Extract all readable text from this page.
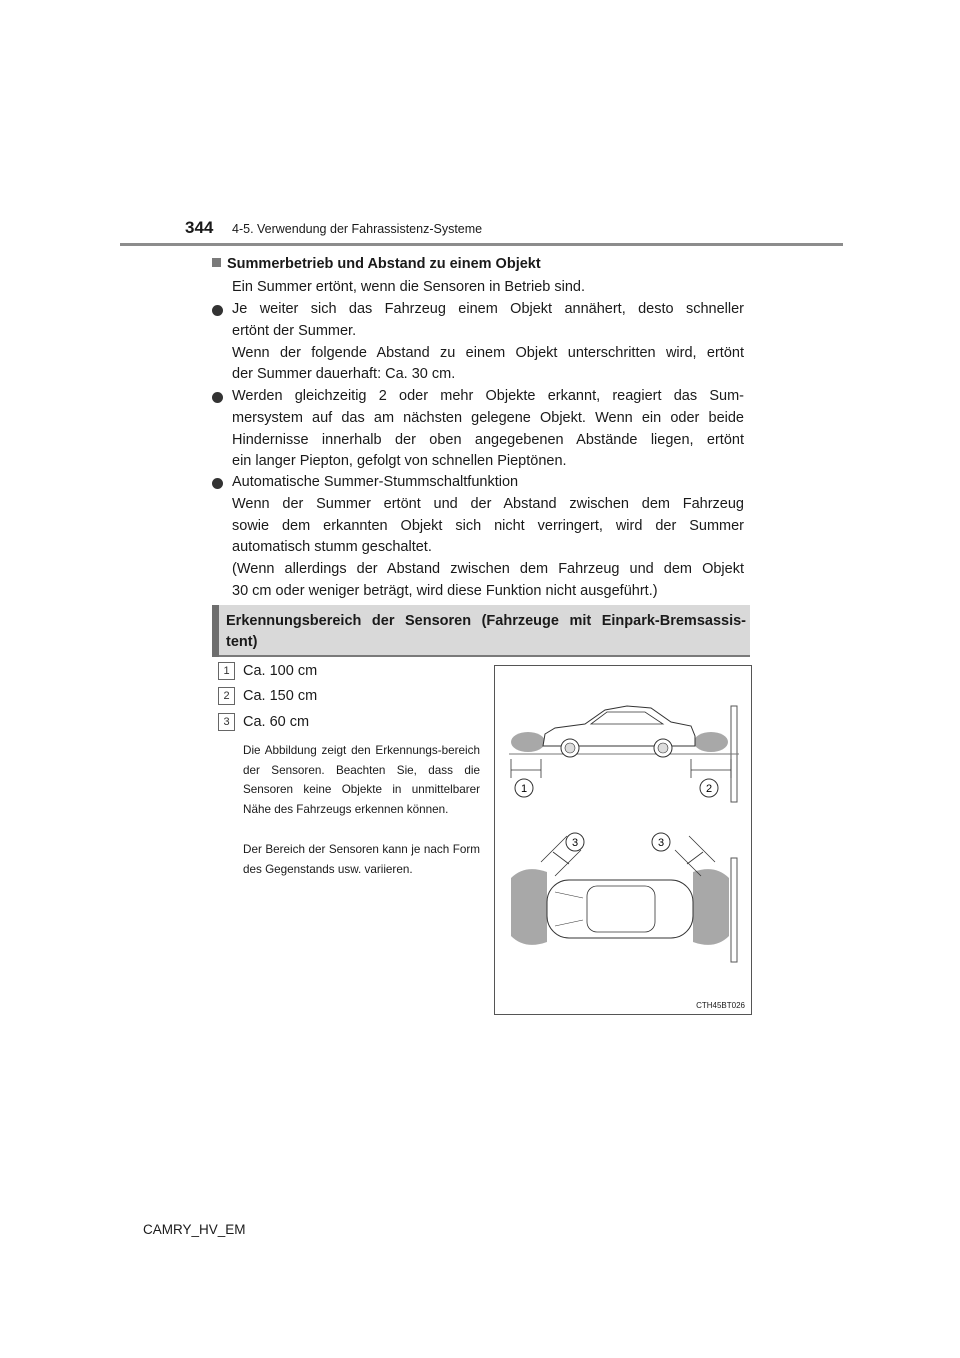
344 4-5. Verwendung der Fahrassistenz-Systeme
Summerbetrieb und Abstand zu einem Objekt
Ein Summer ertönt, wenn die Sensoren in Betrieb sind.

Je weiter sich das Fahrzeug einem Objekt annähert, desto schneller

ertönt der Summer.

Wenn der folgende Abstand zu einem Objekt unterschritten wird, ertönt

der Summer dauerhaft: Ca. 30 cm.

Werden gleichzeitig 2 oder mehr Objekte erkannt, reagiert das Sum-

mersystem auf das am nächsten gelegene Objekt. Wenn ein oder beide

Hindernisse innerhalb der oben angegebenen Abstände liegen, ertönt

ein langer Piepton, gefolgt von schnellen Pieptönen.

Automatische Summer-Stummschaltfunktion

Wenn der Summer ertönt und der Abstand zwischen dem Fahrzeug

sowie dem erkannten Objekt sich nicht verringert, wird der Summer

automatisch stumm geschaltet.

(Wenn allerdings der Abstand zwischen dem Fahrzeug und dem Objekt

30 cm oder weniger beträgt, wird diese Funktion nicht ausgeführt.)

Erkennungsbereich der Sensoren (Fahrzeuge mit Einpark-Bremsassis-
tent)
1 Ca. 100 cm
2 Ca. 150 cm
3 Ca. 60 cm
Die Abbildung zeigt den Erkennungs-bereich der Sensoren. Beachten Sie, dass die Sensoren keine Objekte in unmittelbarer Nähe des Fahrzeugs erkennen können.
Der Bereich der Sensoren kann je nach Form des Gegenstands usw. variieren.
1	2
3	3
CTH45BT026
CAMRY_HV_EM
